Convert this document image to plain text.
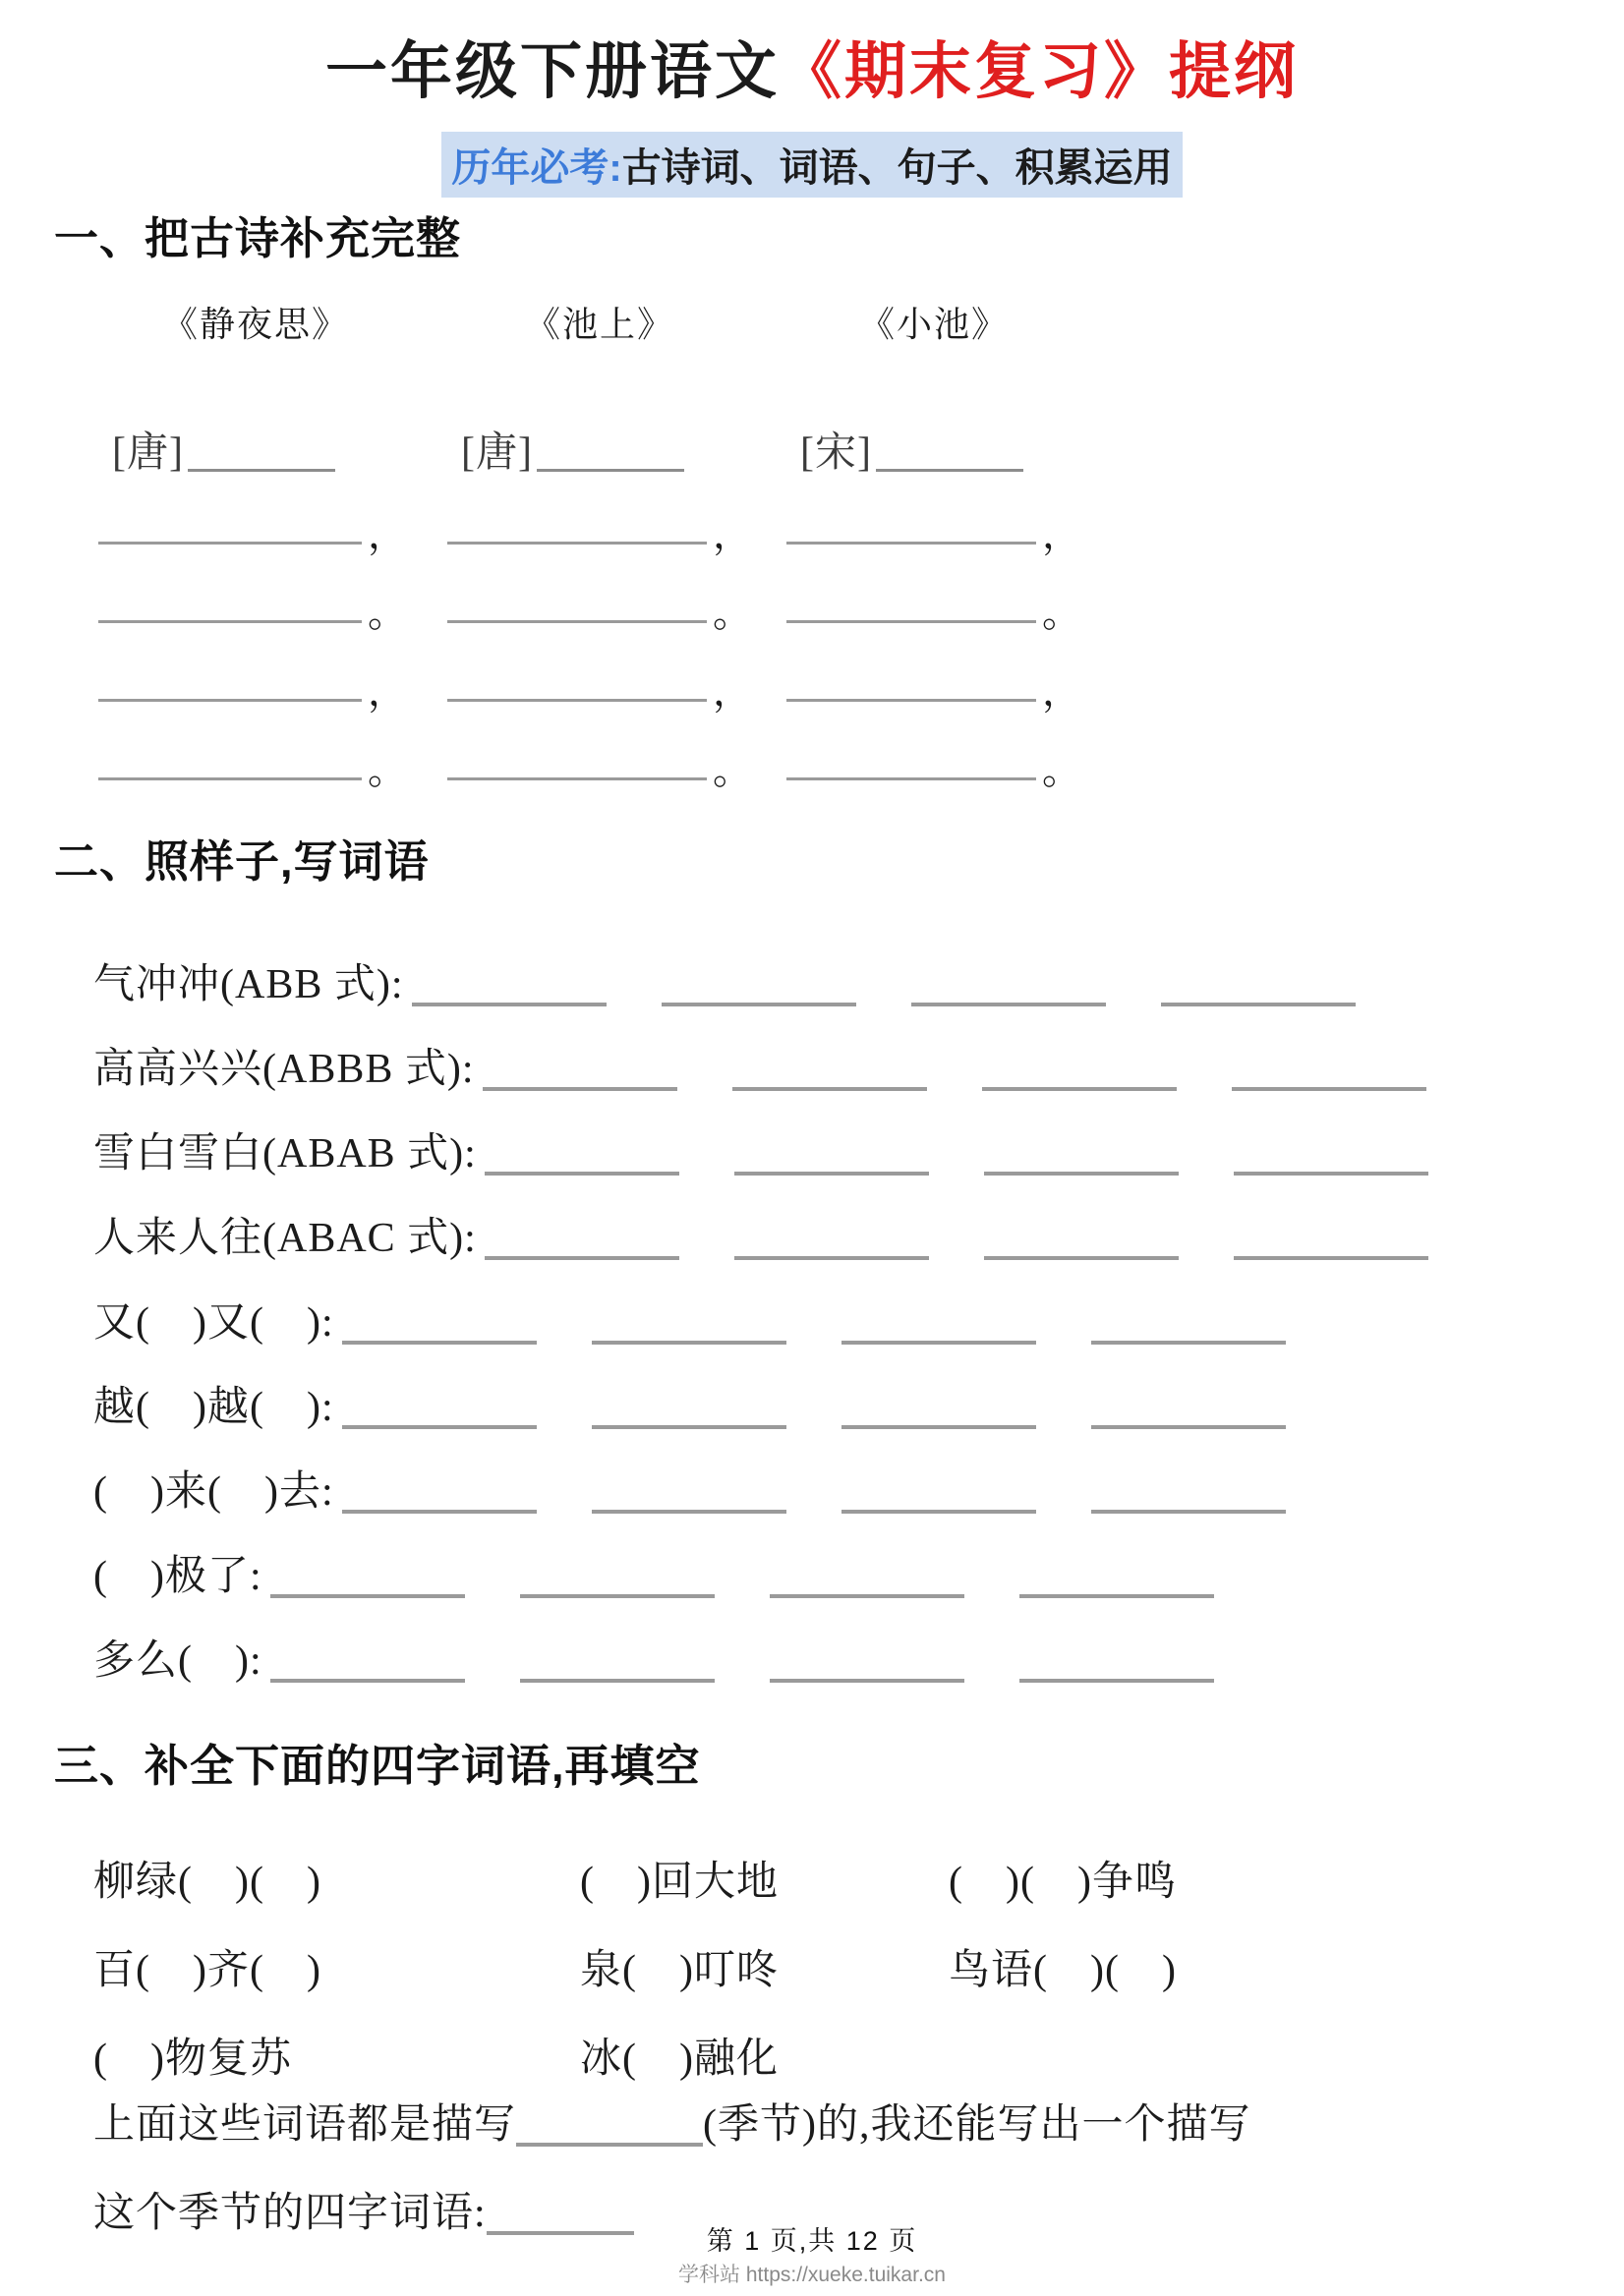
一年级下册语文《期末复习》提纲
历年必考:古诗词、词语、句子、积累运用
一、把古诗补充完整
《静夜思》
[唐]
，
。
，
。
《池上》
[唐]
，
。
，
。
《小池》
[宋]
，
。
，
。
二、照样子,写词语
气冲冲(ABB 式):
高高兴兴(ABBB 式):
雪白雪白(ABAB 式):
人来人往(ABAC 式):
又(　)又(　):
越(　)越(　):
(　)来(　)去:
(　)极了:
多么(　):
三、补全下面的四字词语,再填空
柳绿(　)(　)	(　)回大地	(　)(　)争鸣
百(　)齐(　)	泉(　)叮咚	鸟语(　)(　)
(　)物复苏	冰(　)融化
上面这些词语都是描写	(季节)的,我还能写出一个描写
这个季节的四字词语:
第 1 页,共 12 页
学科站 https://xueke.tuikar.cn
